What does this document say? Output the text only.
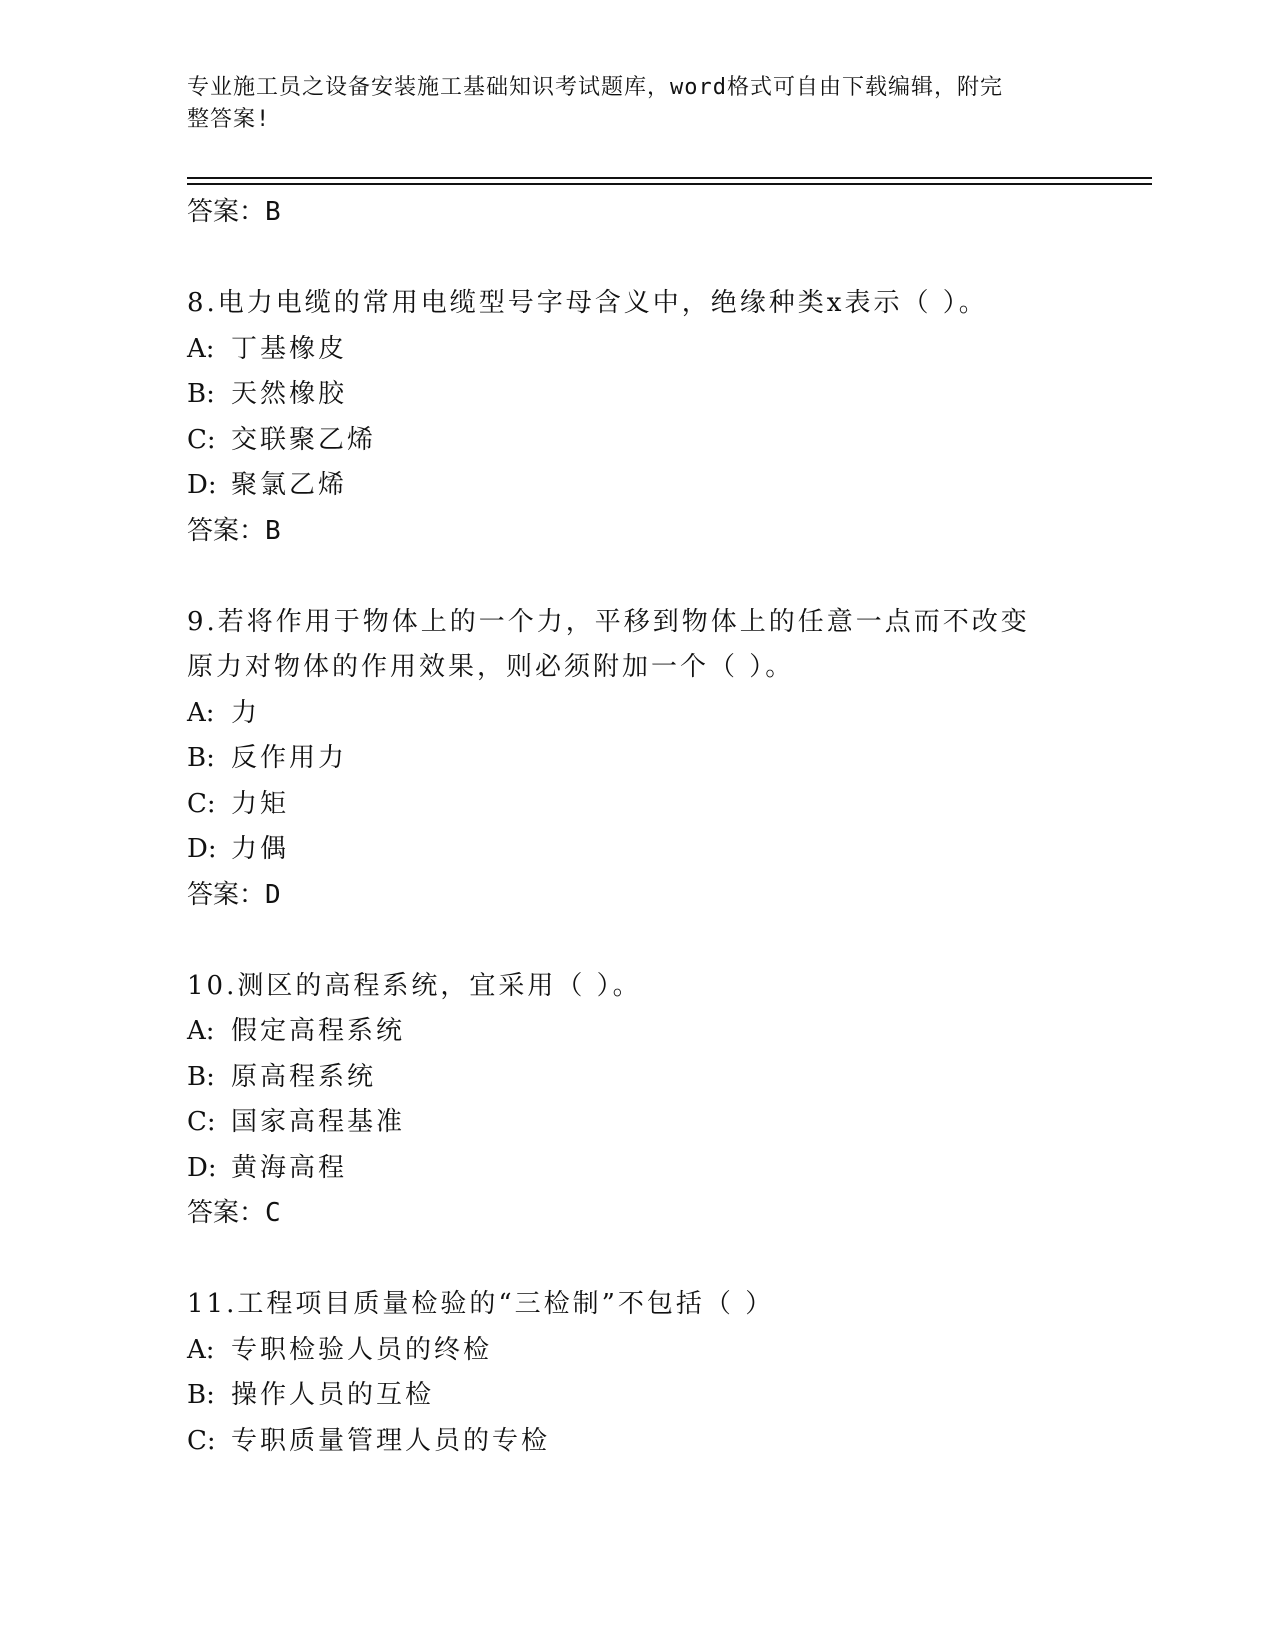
专业施工员之设备安装施工基础知识考试题库，word格式可自由下载编辑，附完
整答案!
答案：B
8.电力电缆的常用电缆型号字母含义中，绝缘种类x表示（ ）。
A: 丁基橡皮
B: 天然橡胶
C: 交联聚乙烯
D: 聚氯乙烯
答案：B
9.若将作用于物体上的一个力，平移到物体上的任意一点而不改变原力对物体的作用效果，则必须附加一个（ ）。
A: 力
B: 反作用力
C: 力矩
D: 力偶
答案：D
10.测区的高程系统，宜采用（ ）。
A: 假定高程系统
B: 原高程系统
C: 国家高程基准
D: 黄海高程
答案：C
11.工程项目质量检验的“三检制”不包括（ ）
A: 专职检验人员的终检
B: 操作人员的互检
C: 专职质量管理人员的专检
